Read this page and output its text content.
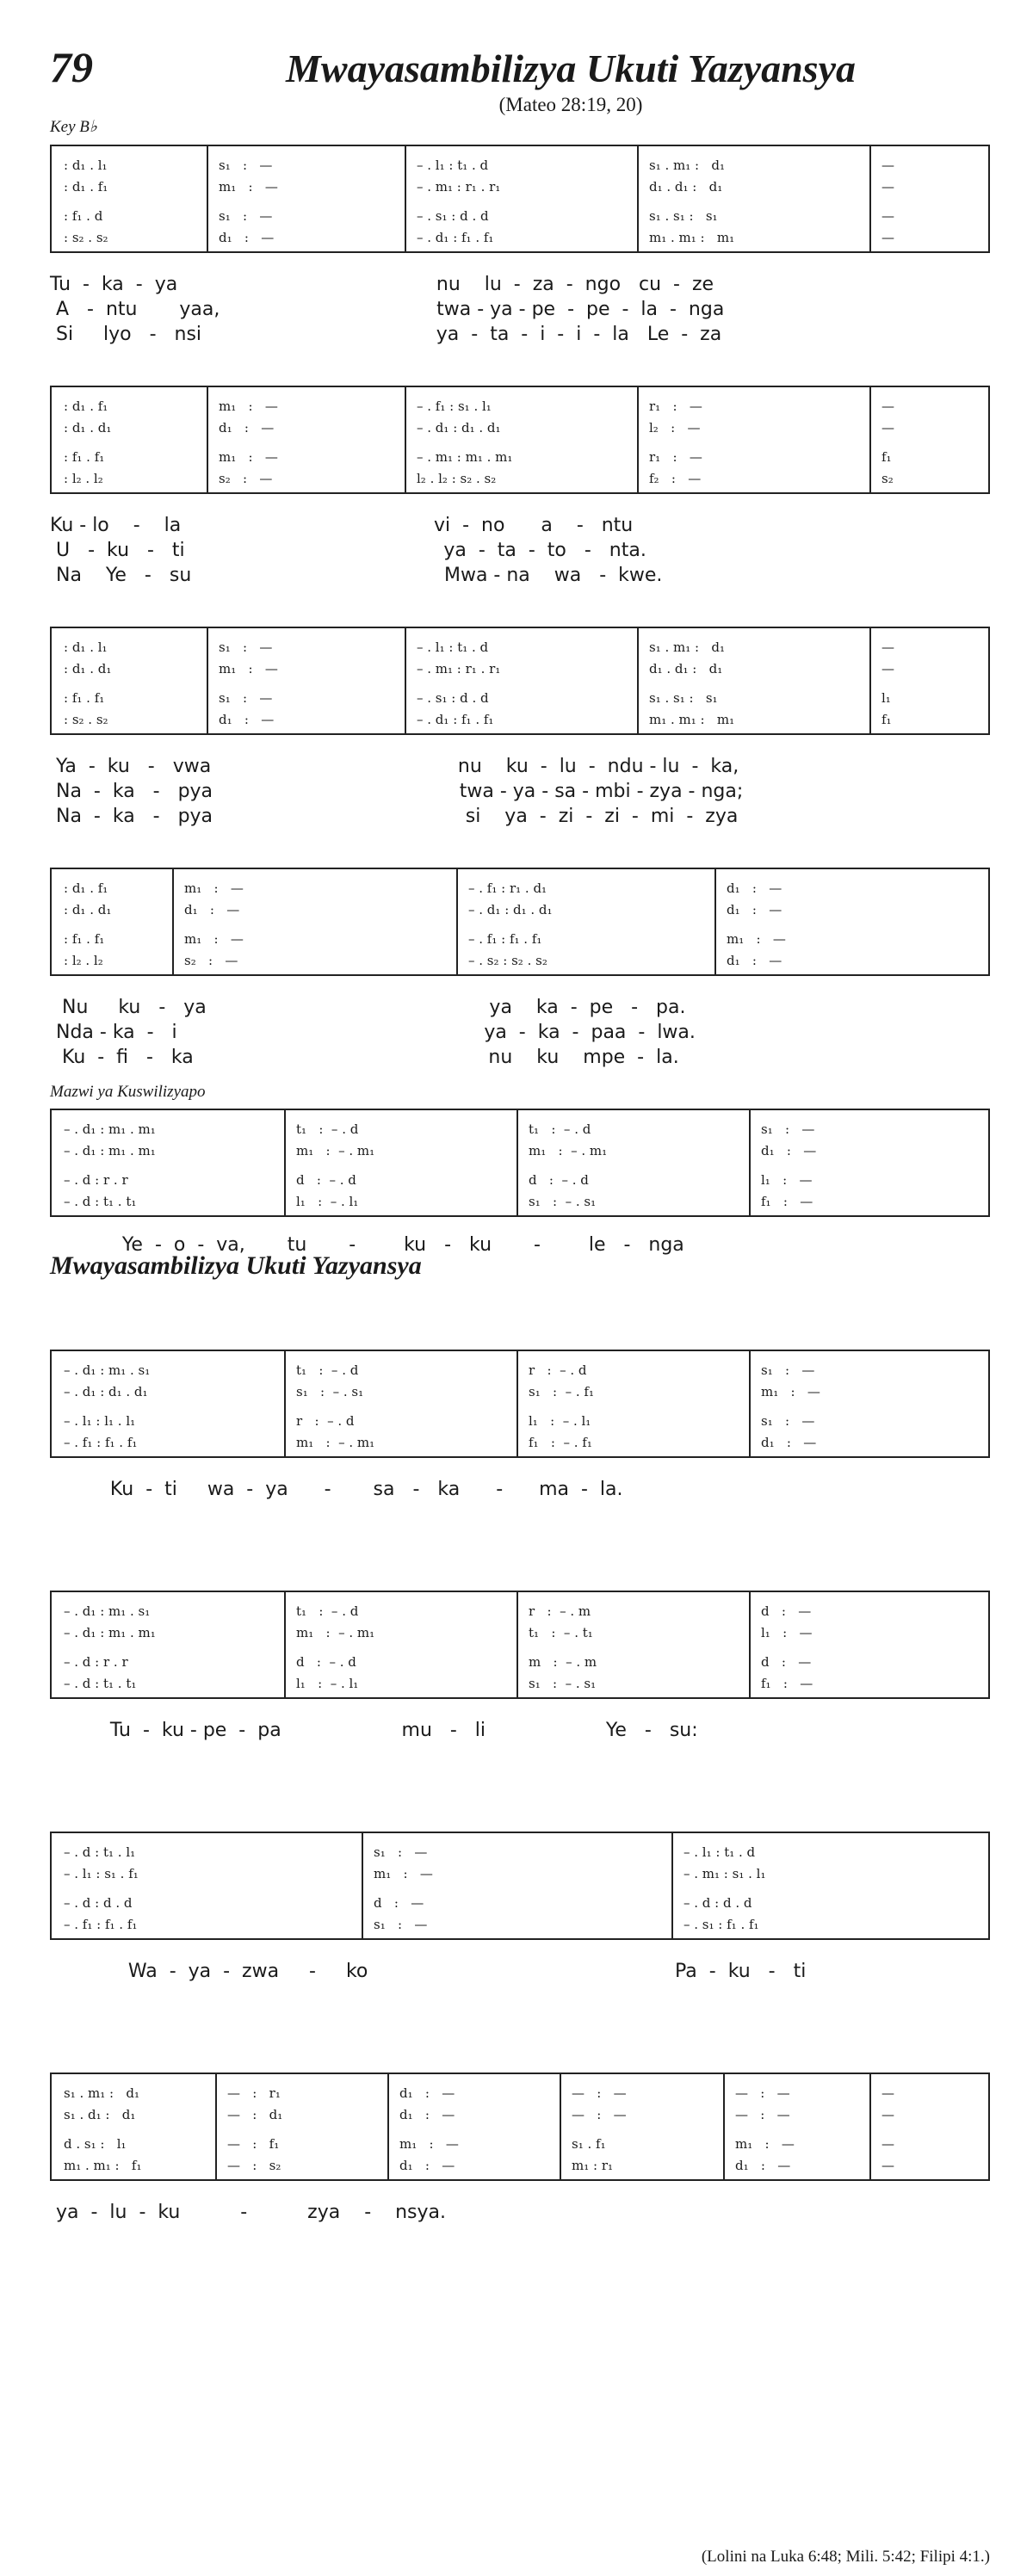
79	Mwayasambilizya Ukuti Yazyansya
(Mateo 28:19, 20)
Key B♭
: d₁ . l₁
: d₁ . f₁
: f₁ . d
: s₂ . s₂
s₁   :   —
m₁   :   —
s₁   :   —
d₁   :   —
– . l₁ : t₁ . d
– . m₁ : r₁ . r₁
– . s₁ : d . d
– . d₁ : f₁ . f₁
s₁ . m₁ :   d₁
d₁ . d₁ :   d₁
s₁ . s₁ :   s₁
m₁ . m₁ :   m₁
—
—
—
—
Tu  -  ka  -  ya                                           nu    lu  -  za  -  ngo   cu  -  ze
A   -  ntu       yaa,                                    twa - ya - pe  -  pe  -  la  -  nga
Si     lyo   -   nsi                                       ya  -  ta  -  i  -  i  -  la   Le  -  za
: d₁ . f₁
: d₁ . d₁
: f₁ . f₁
: l₂ . l₂
m₁   :   —
d₁   :   —
m₁   :   —
s₂   :   —
– . f₁ : s₁ . l₁
– . d₁ : d₁ . d₁
– . m₁ : m₁ . m₁
l₂ . l₂ : s₂ . s₂
r₁   :   —
l₂   :   —
r₁   :   —
f₂   :   —
—
—
f₁
s₂
Ku - lo    -    la                                          vi  -  no      a    -   ntu
U   -  ku   -   ti                                           ya  -  ta  -  to   -   nta.
Na    Ye   -   su                                          Mwa - na    wa   -  kwe.
: d₁ . l₁
: d₁ . d₁
: f₁ . f₁
: s₂ . s₂
s₁   :   —
m₁   :   —
s₁   :   —
d₁   :   —
– . l₁ : t₁ . d
– . m₁ : r₁ . r₁
– . s₁ : d . d
– . d₁ : f₁ . f₁
s₁ . m₁ :   d₁
d₁ . d₁ :   d₁
s₁ . s₁ :   s₁
m₁ . m₁ :   m₁
—
—
l₁
f₁
Ya  -  ku   -   vwa                                         nu    ku  -  lu  -  ndu - lu  -  ka,
Na  -  ka   -   pya                                         twa - ya - sa - mbi - zya - nga;
Na  -  ka   -   pya                                          si    ya  -  zi  -  zi  -  mi  -  zya
: d₁ . f₁
: d₁ . d₁
: f₁ . f₁
: l₂ . l₂
m₁   :   —
d₁   :   —
m₁   :   —
s₂   :   —
– . f₁ : r₁ . d₁
– . d₁ : d₁ . d₁
– . f₁ : f₁ . f₁
– . s₂ : s₂ . s₂
d₁   :   —
d₁   :   —
m₁   :   —
d₁   :   —
Nu     ku   -   ya                                               ya    ka  -  pe   -   pa.
Nda - ka  -   i                                                   ya  -  ka  -  paa  -  lwa.
Ku  -  fi   -   ka                                                 nu    ku    mpe  -  la.
– . d₁ : m₁ . m₁
– . d₁ : m₁ . m₁
– . d : r . r
– . d : t₁ . t₁
t₁   :  – . d
m₁   :  – . m₁
d   :  – . d
l₁   :  – . l₁
t₁   :  – . d
m₁   :  – . m₁
d   :  – . d
s₁   :  – . s₁
s₁   :   —
d₁   :   —
l₁   :   —
f₁   :   —
Ye  -  o  -  va,       tu       -        ku   -   ku       -        le   -   nga
– . d₁ : m₁ . s₁
– . d₁ : d₁ . d₁
– . l₁ : l₁ . l₁
– . f₁ : f₁ . f₁
t₁   :  – . d
s₁   :  – . s₁
r   :  – . d
m₁   :  – . m₁
r   :  – . d
s₁   :  – . f₁
l₁   :  – . l₁
f₁   :  – . f₁
s₁   :   —
m₁   :   —
s₁   :   —
d₁   :   —
Ku  -  ti     wa  -  ya      -       sa   -   ka      -      ma  -  la.
– . d₁ : m₁ . s₁
– . d₁ : m₁ . m₁
– . d : r . r
– . d : t₁ . t₁
t₁   :  – . d
m₁   :  – . m₁
d   :  – . d
l₁   :  – . l₁
r   :  – . m
t₁   :  – . t₁
m   :  – . m
s₁   :  – . s₁
d   :   —
l₁   :   —
d   :   —
f₁   :   —
Tu  -  ku - pe  -  pa                    mu   -   li                    Ye   -   su:
– . d : t₁ . l₁
– . l₁ : s₁ . f₁
– . d : d . d
– . f₁ : f₁ . f₁
s₁   :   —
m₁   :   —
d   :   —
s₁   :   —
– . l₁ : t₁ . d
– . m₁ : s₁ . l₁
– . d : d . d
– . s₁ : f₁ . f₁
Wa  -  ya  -  zwa     -     ko                                                   Pa  -  ku   -   ti
s₁ . m₁ :   d₁
s₁ . d₁ :   d₁
d . s₁ :   l₁
m₁ . m₁ :   f₁
—   :   r₁
—   :   d₁
—   :   f₁
—   :   s₂
d₁   :   —
d₁   :   —
m₁   :   —
d₁   :   —
—   :   —
—   :   —
s₁ . f₁
m₁ : r₁
—   :   —
—   :   —
m₁   :   —
d₁   :   —
—
—
—
—
ya  -  lu  -  ku          -          zya    -    nsya.
Mazwi ya Kuswilizyapo
Mwayasambilizya Ukuti Yazyansya
(Lolini na Luka 6:48; Mili. 5:42; Filipi 4:1.)
